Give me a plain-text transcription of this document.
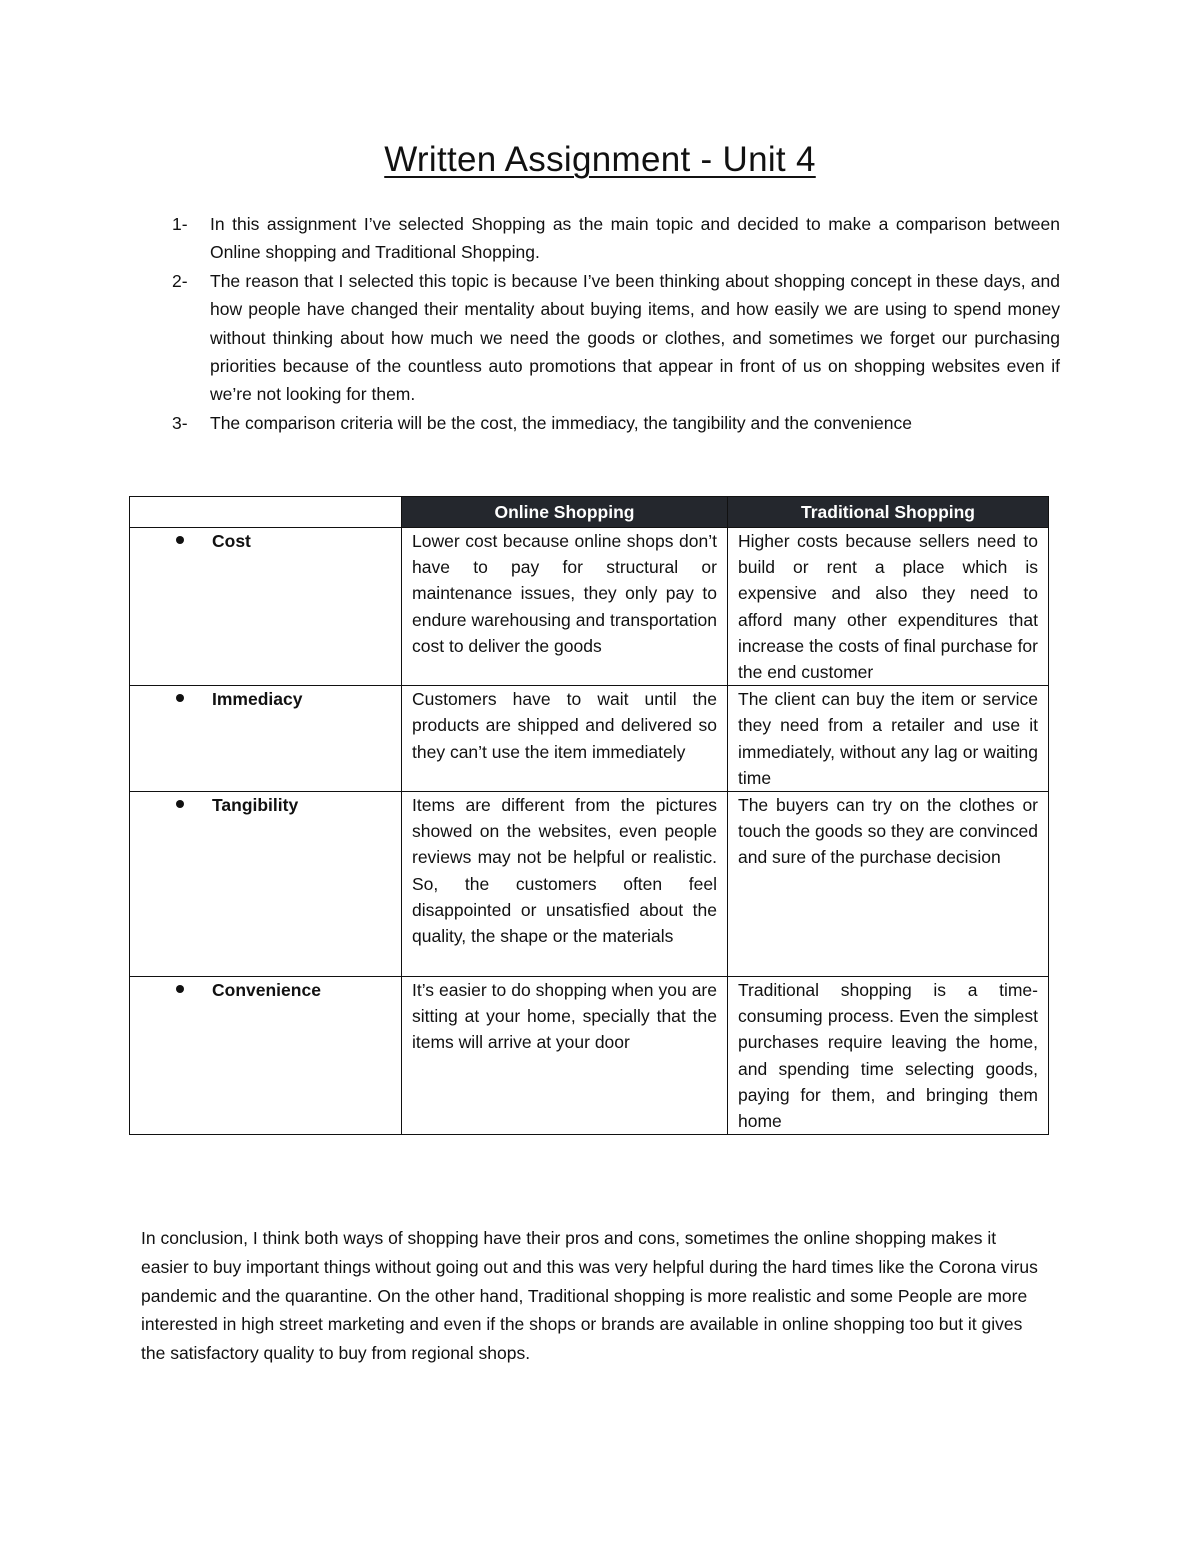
Written Assignment - Unit 4
1-	In this assignment I’ve selected Shopping as the main topic and decided to make a comparison between Online shopping and Traditional Shopping.
2-	The reason that I selected this topic is because I’ve been thinking about shopping concept in these days, and how people have changed their mentality about buying items, and how easily we are using to spend money without thinking about how much we need the goods or clothes, and sometimes we forget our purchasing priorities because of the countless auto promotions that appear in front of us on shopping websites even if we’re not looking for them.
3-	The comparison criteria will be the cost, the immediacy, the tangibility and the convenience
	Online Shopping	Traditional Shopping

Cost	Lower cost because online shops don’t have to pay for structural or maintenance issues, they only pay to endure warehousing and transportation cost to deliver the goods	Higher costs because sellers need to build or rent a place which is expensive and also they need to afford many other expenditures that increase the costs of final purchase for the end customer

Immediacy	Customers have to wait until the products are shipped and delivered so they can’t use the item immediately	The client can buy the item or service they need from a retailer and use it immediately, without any lag or waiting time

Tangibility	Items are different from the pictures showed on the websites, even people reviews may not be helpful or realistic. So, the customers often feel disappointed or unsatisfied about the quality, the shape or the materials	The buyers can try on the clothes or touch the goods so they are convinced and sure of the purchase decision

Convenience	It’s easier to do shopping when you are sitting at your home, specially that the items will arrive at your door	Traditional shopping is a time-consuming process. Even the simplest purchases require leaving the home, and spending time selecting goods, paying for them, and bringing them home

In conclusion, I think both ways of shopping have their pros and cons, sometimes the online shopping makes it easier to buy important things without going out and this was very helpful during the hard times like the Corona virus pandemic and the quarantine. On the other hand, Traditional shopping is more realistic and some People are more interested in high street marketing and even if the shops or brands are available in online shopping too but it gives the satisfactory quality to buy from regional shops.
